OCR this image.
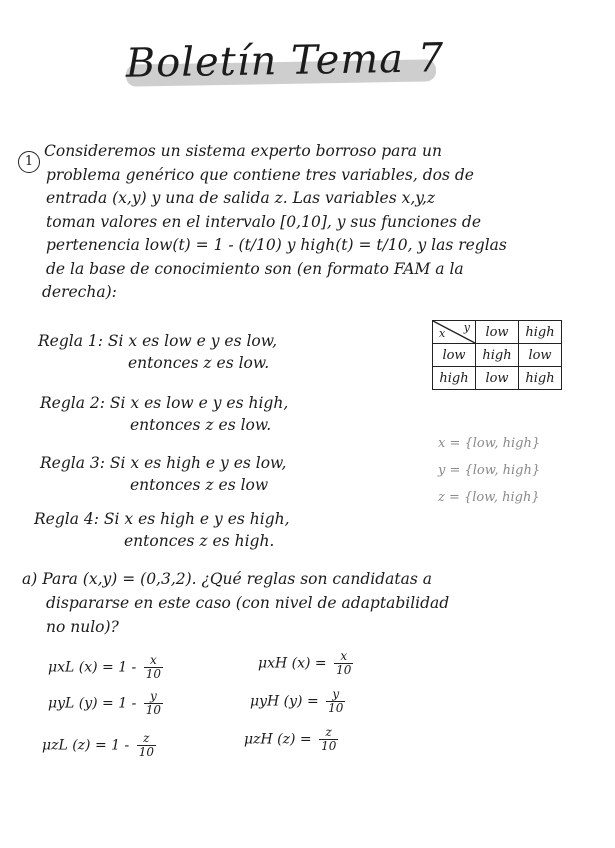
Boletín Tema 7
1
Consideremos un sistema experto borroso para un
problema genérico que contiene tres variables, dos de
entrada (x,y) y una de salida z. Las variables x,y,z
toman valores en el intervalo [0,10], y sus funciones de
pertenencia low(t) = 1 - (t/10) y high(t) = t/10, y las reglas
de la base de conocimiento son (en formato FAM a la
derecha):
Regla 1: Si x es low e y es low,
entonces z es low.
Regla 2: Si x es low e y es high,
entonces z es low.
Regla 3: Si x es high e y es low,
entonces z es low
Regla 4: Si x es high e y es high,
entonces z es high.
x y	low	high
low	high	low
high	low	high
x = {low, high}
y = {low, high}
z = {low, high}
a) Para (x,y) = (0,3,2). ¿Qué reglas son candidatas a
dispararse en este caso (con nivel de adaptabilidad
no nulo)?
μxL $(x) = 1 - \frac{x}{10}$	μxH $(x) = \frac{x}{10}$
μyL $(y) = 1 - \frac{y}{10}$	μyH $(y) = \frac{y}{10}$
μzL $(z) = 1 - \frac{z}{10}$	μzH $(z) = \frac{z}{10}$
